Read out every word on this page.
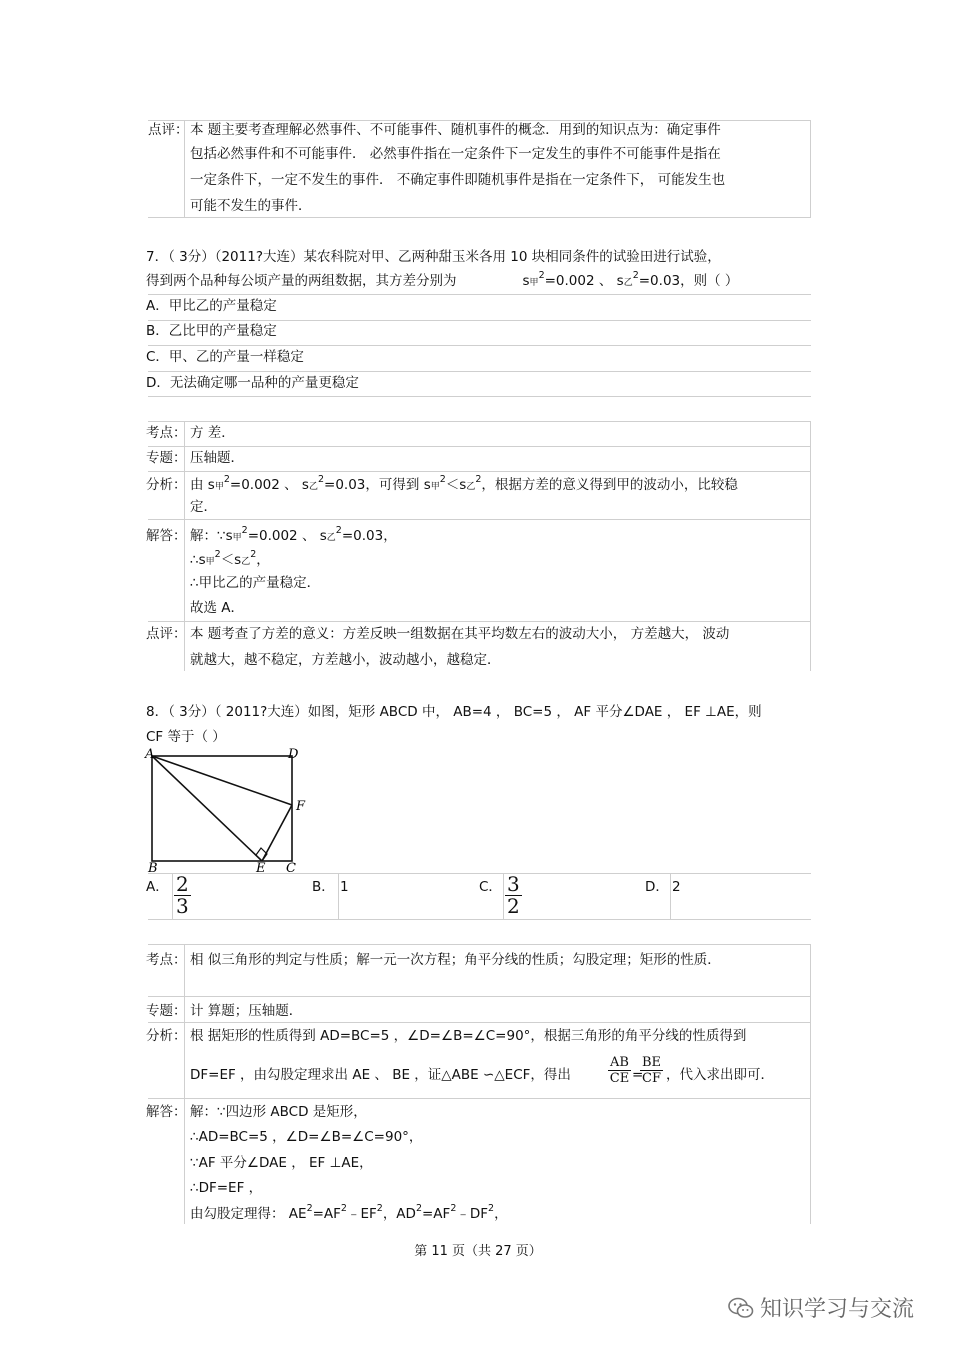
点评： 本 题主要考查理解必然事件、不可能事件、随机事件的概念．用到的知识点为：确定事件
包括必然事件和不可能事件． 必然事件指在一定条件下一定发生的事件不可能事件是指在
一定条件下，一定不发生的事件． 不确定事件即随机事件是指在一定条件下， 可能发生也
可能不发生的事件．
7．（ 3分）（2011?大连）某农科院对甲、乙两种甜玉米各用 10 块相同条件的试验田进行试验，
得到两个品种每公顷产量的两组数据，其方差分别为	s甲$^2$=0.002 、 s乙$^2$=0.03，则（ ）
A．甲比乙的产量稳定
B．乙比甲的产量稳定
C．甲、乙的产量一样稳定
D．无法确定哪一品种的产量更稳定
考点： 方 差．
专题： 压轴题．
分析： 由 s甲$^2$=0.002 、 s乙$^2$=0.03，可得到 s甲$^2$＜s乙$^2$，根据方差的意义得到甲的波动小，比较稳
定．
解答： 解：∵s甲$^2$=0.002 、 s乙$^2$=0.03，
∴s甲$^2$＜s乙$^2$，
∴甲比乙的产量稳定．
故选 A．
点评： 本 题考查了方差的意义：方差反映一组数据在其平均数左右的波动大小， 方差越大， 波动
就越大，越不稳定，方差越小，波动越小，越稳定．
8．（ 3分）（ 2011?大连）如图，矩形 ABCD 中， AB=4 ， BC=5 ， AF 平分∠DAE ， EF ⊥AE，则
CF 等于（ ）
A	D
F
B	E C
A． $\frac{2}{3}$	B． 1	C． $\frac{3}{2}$	D． 2
考点： 相 似三角形的判定与性质；解一元一次方程；角平分线的性质；勾股定理；矩形的性质．
专题： 计 算题；压轴题．
分析： 根 据矩形的性质得到 AD=BC=5 ，∠D=∠B=∠C=90°，根据三角形的角平分线的性质得到
DF=EF ，由勾股定理求出 AE 、 BE ，证△ABE ∽△ECF，得出	$\frac{AB}{CE}$ =
$\frac{BE}{CF}$ ，代入求出即可．
解答： 解：∵四边形 ABCD 是矩形，
∴AD=BC=5 ，∠D=∠B=∠C=90°，
∵AF 平分∠DAE ， EF ⊥AE，
∴DF=EF ，
由勾股定理得： $AE^2=AF^2﹣EF^2$，$AD^2=AF^2﹣DF^2$，
第 11 页（共 27 页）
知识学习与交流
